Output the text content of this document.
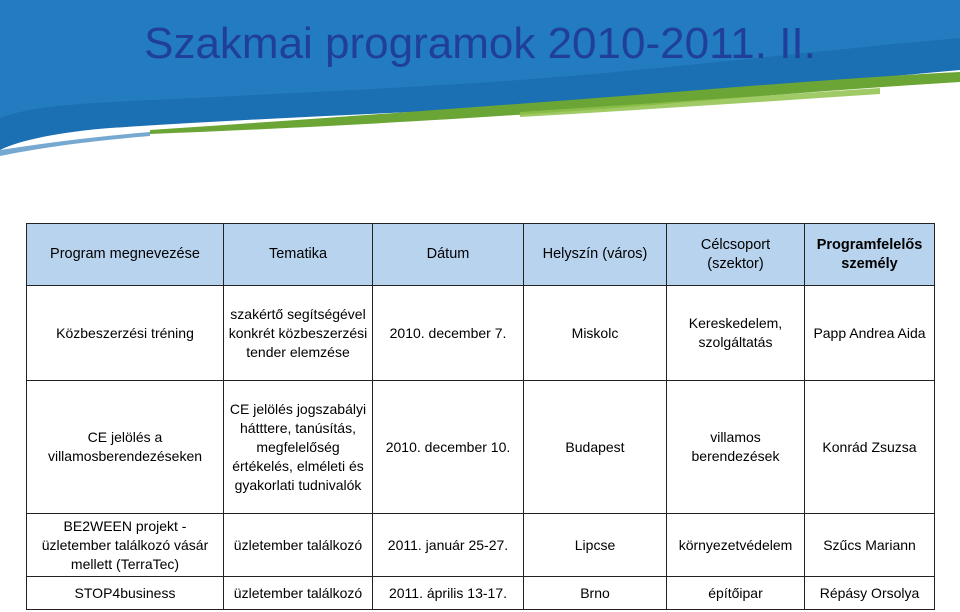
Szakmai programok 2010-2011. II.
Program megnevezése	Tematika	Dátum	Helyszín (város)	Célcsoport (szektor)	Programfelelős személy
Közbeszerzési tréning	szakértő segítségével konkrét közbeszerzési tender elemzése	2010. december 7.	Miskolc	Kereskedelem, szolgáltatás	Papp Andrea Aida
CE jelölés a villamosberendezéseken	CE jelölés jogszabályi hátttere, tanúsítás, megfelelőség értékelés, elméleti és gyakorlati tudnivalók	2010. december 10.	Budapest	villamos berendezések	Konrád Zsuzsa
BE2WEEN projekt - üzletember találkozó vásár mellett (TerraTec)	üzletember találkozó	2011. január 25-27.	Lipcse	környezetvédelem	Szűcs Mariann
STOP4business	üzletember találkozó	2011. április 13-17.	Brno	építőipar	Répásy Orsolya
